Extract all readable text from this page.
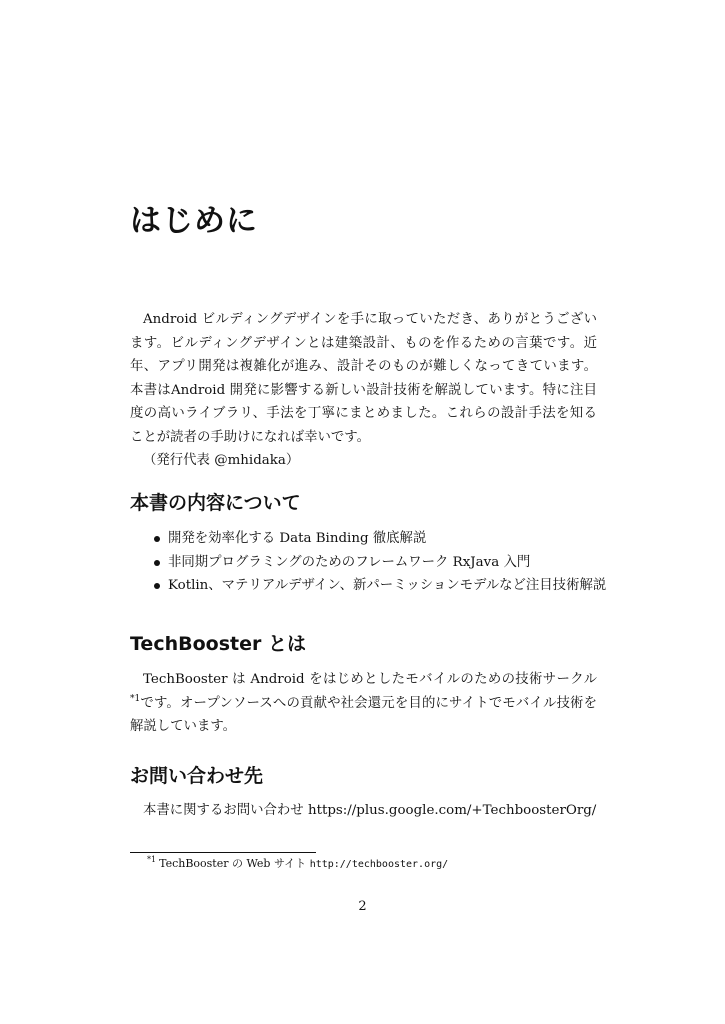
はじめに

Android ビルディングデザインを手に取っていただき、ありがとうございます。ビルディングデザインとは建築設計、ものを作るための言葉です。近年、アプリ開発は複雑化が進み、設計そのものが難しくなってきています。本書はAndroid 開発に影響する新しい設計技術を解説しています。特に注目度の高いライブラリ、手法を丁寧にまとめました。これらの設計手法を知ることが読者の手助けになれば幸いです。

（発行代表 @mhidaka）

本書の内容について
開発を効率化する Data Binding 徹底解説
非同期プログラミングのためのフレームワーク RxJava 入門
Kotlin、マテリアルデザイン、新パーミッションモデルなど注目技術解説
TechBooster とは

TechBooster は Android をはじめとしたモバイルのための技術サークル$^{*1}$です。オープンソースへの貢献や社会還元を目的にサイトでモバイル技術を解説しています。

お問い合わせ先

本書に関するお問い合わせ https://plus.google.com/+TechboosterOrg/

$^{*1}$ TechBooster の Web サイト http://techbooster.org/

2
